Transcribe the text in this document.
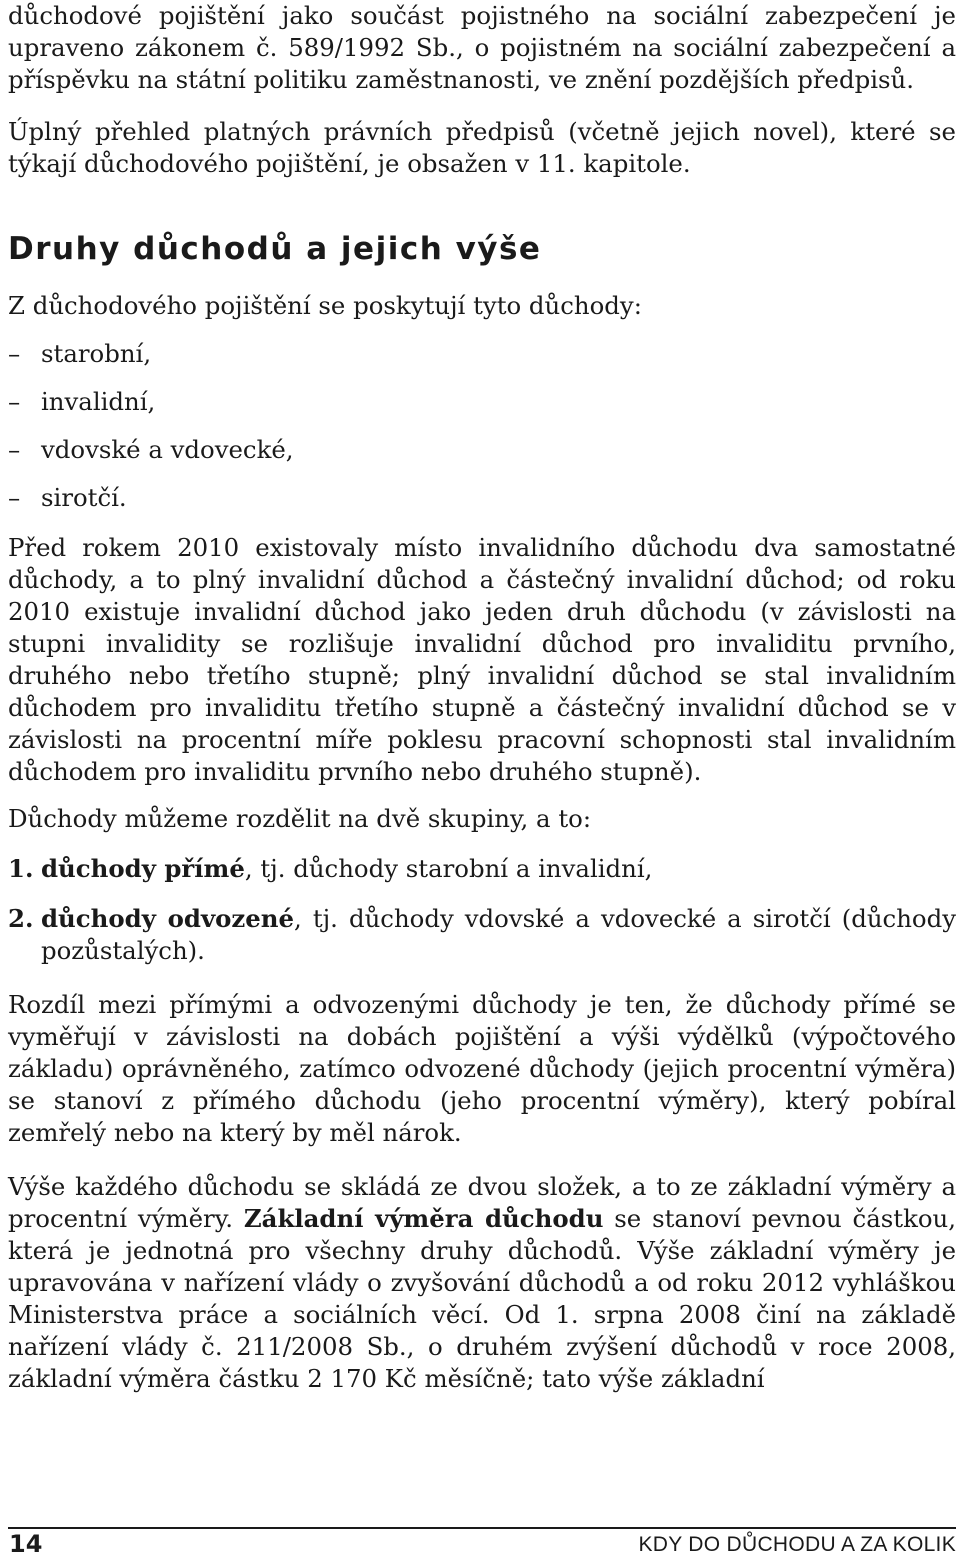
důchodové pojištění jako součást pojistného na sociální zabezpečení je upraveno zákonem č. 589/1992 Sb., o pojistném na sociální zabezpečení a příspěvku na státní politiku zaměstnanosti, ve znění pozdějších předpisů.

Úplný přehled platných právních předpisů (včetně jejich novel), které se týkají důchodového pojištění, je obsažen v 11. kapitole.

Druhy důchodů a jejich výše

Z důchodového pojištění se poskytují tyto důchody:

– starobní,
– invalidní,
– vdovské a vdovecké,
– sirotčí.

Před rokem 2010 existovaly místo invalidního důchodu dva samostatné důchody, a to plný invalidní důchod a částečný invalidní důchod; od roku 2010 existuje invalidní důchod jako jeden druh důchodu (v závislosti na stupni invalidity se rozlišuje invalidní důchod pro invaliditu prvního, druhého nebo třetího stupně; plný invalidní důchod se stal invalidním důchodem pro invaliditu třetího stupně a částečný invalidní důchod se v závislosti na procentní míře poklesu pracovní schopnosti stal invalidním důchodem pro invaliditu prvního nebo druhého stupně).

Důchody můžeme rozdělit na dvě skupiny, a to:

1. důchody přímé, tj. důchody starobní a invalidní,
2. důchody odvozené, tj. důchody vdovské a vdovecké a sirotčí (důchody pozůstalých).

Rozdíl mezi přímými a odvozenými důchody je ten, že důchody přímé se vyměřují v závislosti na dobách pojištění a výši výdělků (výpočtového základu) oprávněného, zatímco odvozené důchody (jejich procentní výměra) se stanoví z přímého důchodu (jeho procentní výměry), který pobíral zemřelý nebo na který by měl nárok.

Výše každého důchodu se skládá ze dvou složek, a to ze základní výměry a procentní výměry. Základní výměra důchodu se stanoví pevnou částkou, která je jednotná pro všechny druhy důchodů. Výše základní výměry je upravována v nařízení vlády o zvyšování důchodů a od roku 2012 vyhláškou Ministerstva práce a sociálních věcí. Od 1. srpna 2008 činí na základě nařízení vlády č. 211/2008 Sb., o druhém zvýšení důchodů v roce 2008, základní výměra částku 2 170 Kč měsíčně; tato výše základní

14	KDY DO DŮCHODU A ZA KOLIK
